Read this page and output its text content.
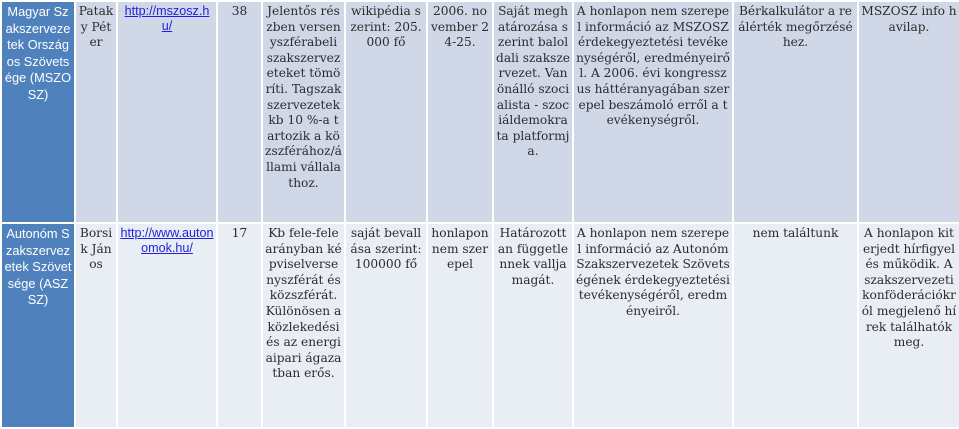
Magyar Szakszervezetek Országos Szövetsége (MSZOSZ)	Pataky Péter	http://mszosz.hu/	38	Jelentős részben versenyszférabeli szakszervezeteket tömöríti. Tagszakszervezetek kb 10 %-a tartozik a közszférához/állami vállalathoz.	wikipédia szerint: 205.000 fő	2006. november 24-25.	Saját meghatározása szerint baloldali szakszervezet. Van önálló szocialista - szociáldemokrata platformja.	A honlapon nem szerepel információ az MSZOSZ érdekegyeztetési tevékenységéről, eredményeiről. A 2006. évi kongresszus háttéranyagában szerepel beszámoló erről a tevékenységről.	Bérkalkulátor a reálérték megőrzéséhez.	MSZOSZ info havilap.
Autonóm Szakszervezetek Szövetsége (ASZSZ)	Borsik János	http://www.autonomok.hu/	17	Kb fele-fele arányban képviselversenyszférát és közszférát. Különösen a közlekedési és az energiaipari ágazatban erős.	saját bevallása szerint: 100000 fő	honlapon nem szerepel	Határozottan függetlennek vallja magát.	A honlapon nem szerepel információ az Autonóm Szakszervezetek Szövetségének érdekegyeztetési tevékenységéről, eredményeiről.	nem találtunk	A honlapon kiterjedt hírfigyelés működik. A szakszervezeti konföderációkról megjelenő hírek találhatók meg.
